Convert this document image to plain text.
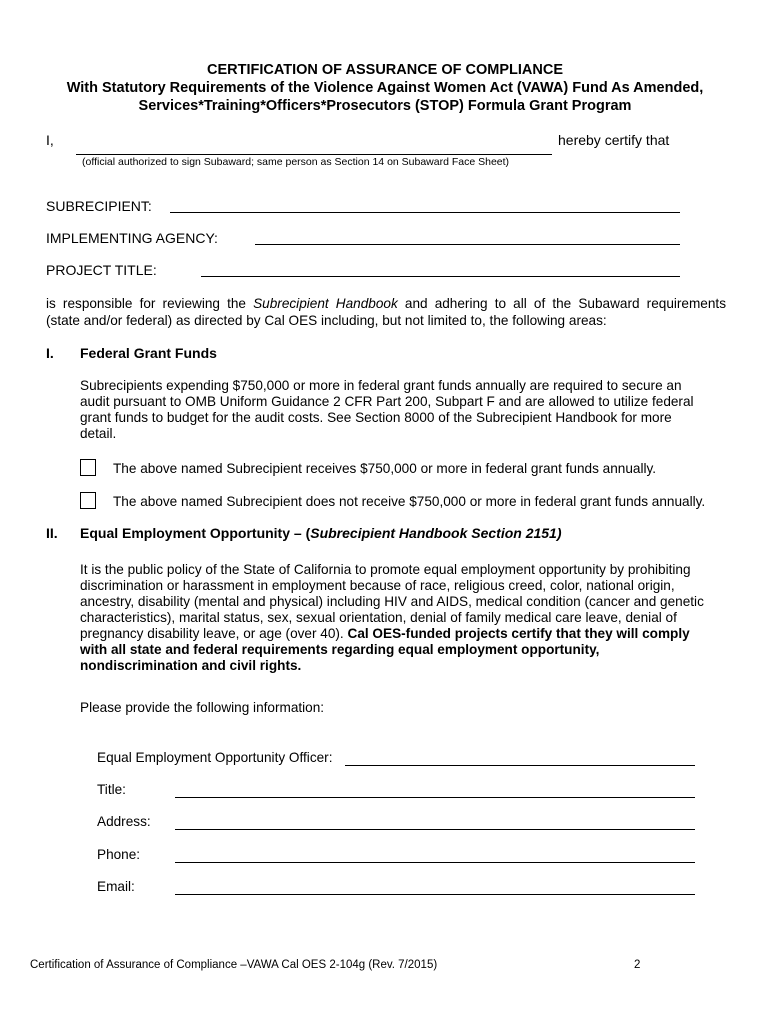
CERTIFICATION OF ASSURANCE OF COMPLIANCE
With Statutory Requirements of the Violence Against Women Act (VAWA) Fund As Amended,
Services*Training*Officers*Prosecutors (STOP) Formula Grant Program
I,	hereby certify that
(official authorized to sign Subaward; same person as Section 14 on Subaward Face Sheet)
SUBRECIPIENT:
IMPLEMENTING AGENCY:
PROJECT TITLE:
is responsible for reviewing the Subrecipient Handbook and adhering to all of the Subaward requirements
(state and/or federal) as directed by Cal OES including, but not limited to, the following areas:
I. Federal Grant Funds
Subrecipients expending $750,000 or more in federal grant funds annually are required to secure an
audit pursuant to OMB Uniform Guidance 2 CFR Part 200, Subpart F and are allowed to utilize federal
grant funds to budget for the audit costs. See Section 8000 of the Subrecipient Handbook for more
detail.
The above named Subrecipient receives $750,000 or more in federal grant funds annually.
The above named Subrecipient does not receive $750,000 or more in federal grant funds annually.
II. Equal Employment Opportunity – (Subrecipient Handbook Section 2151)
It is the public policy of the State of California to promote equal employment opportunity by prohibiting
discrimination or harassment in employment because of race, religious creed, color, national origin,
ancestry, disability (mental and physical) including HIV and AIDS, medical condition (cancer and genetic
characteristics), marital status, sex, sexual orientation, denial of family medical care leave, denial of
pregnancy disability leave, or age (over 40). Cal OES-funded projects certify that they will comply
with all state and federal requirements regarding equal employment opportunity,
nondiscrimination and civil rights.
Please provide the following information:
Equal Employment Opportunity Officer:
Title:
Address:
Phone:
Email:
Certification of Assurance of Compliance –VAWA Cal OES 2-104g (Rev. 7/2015)	2
